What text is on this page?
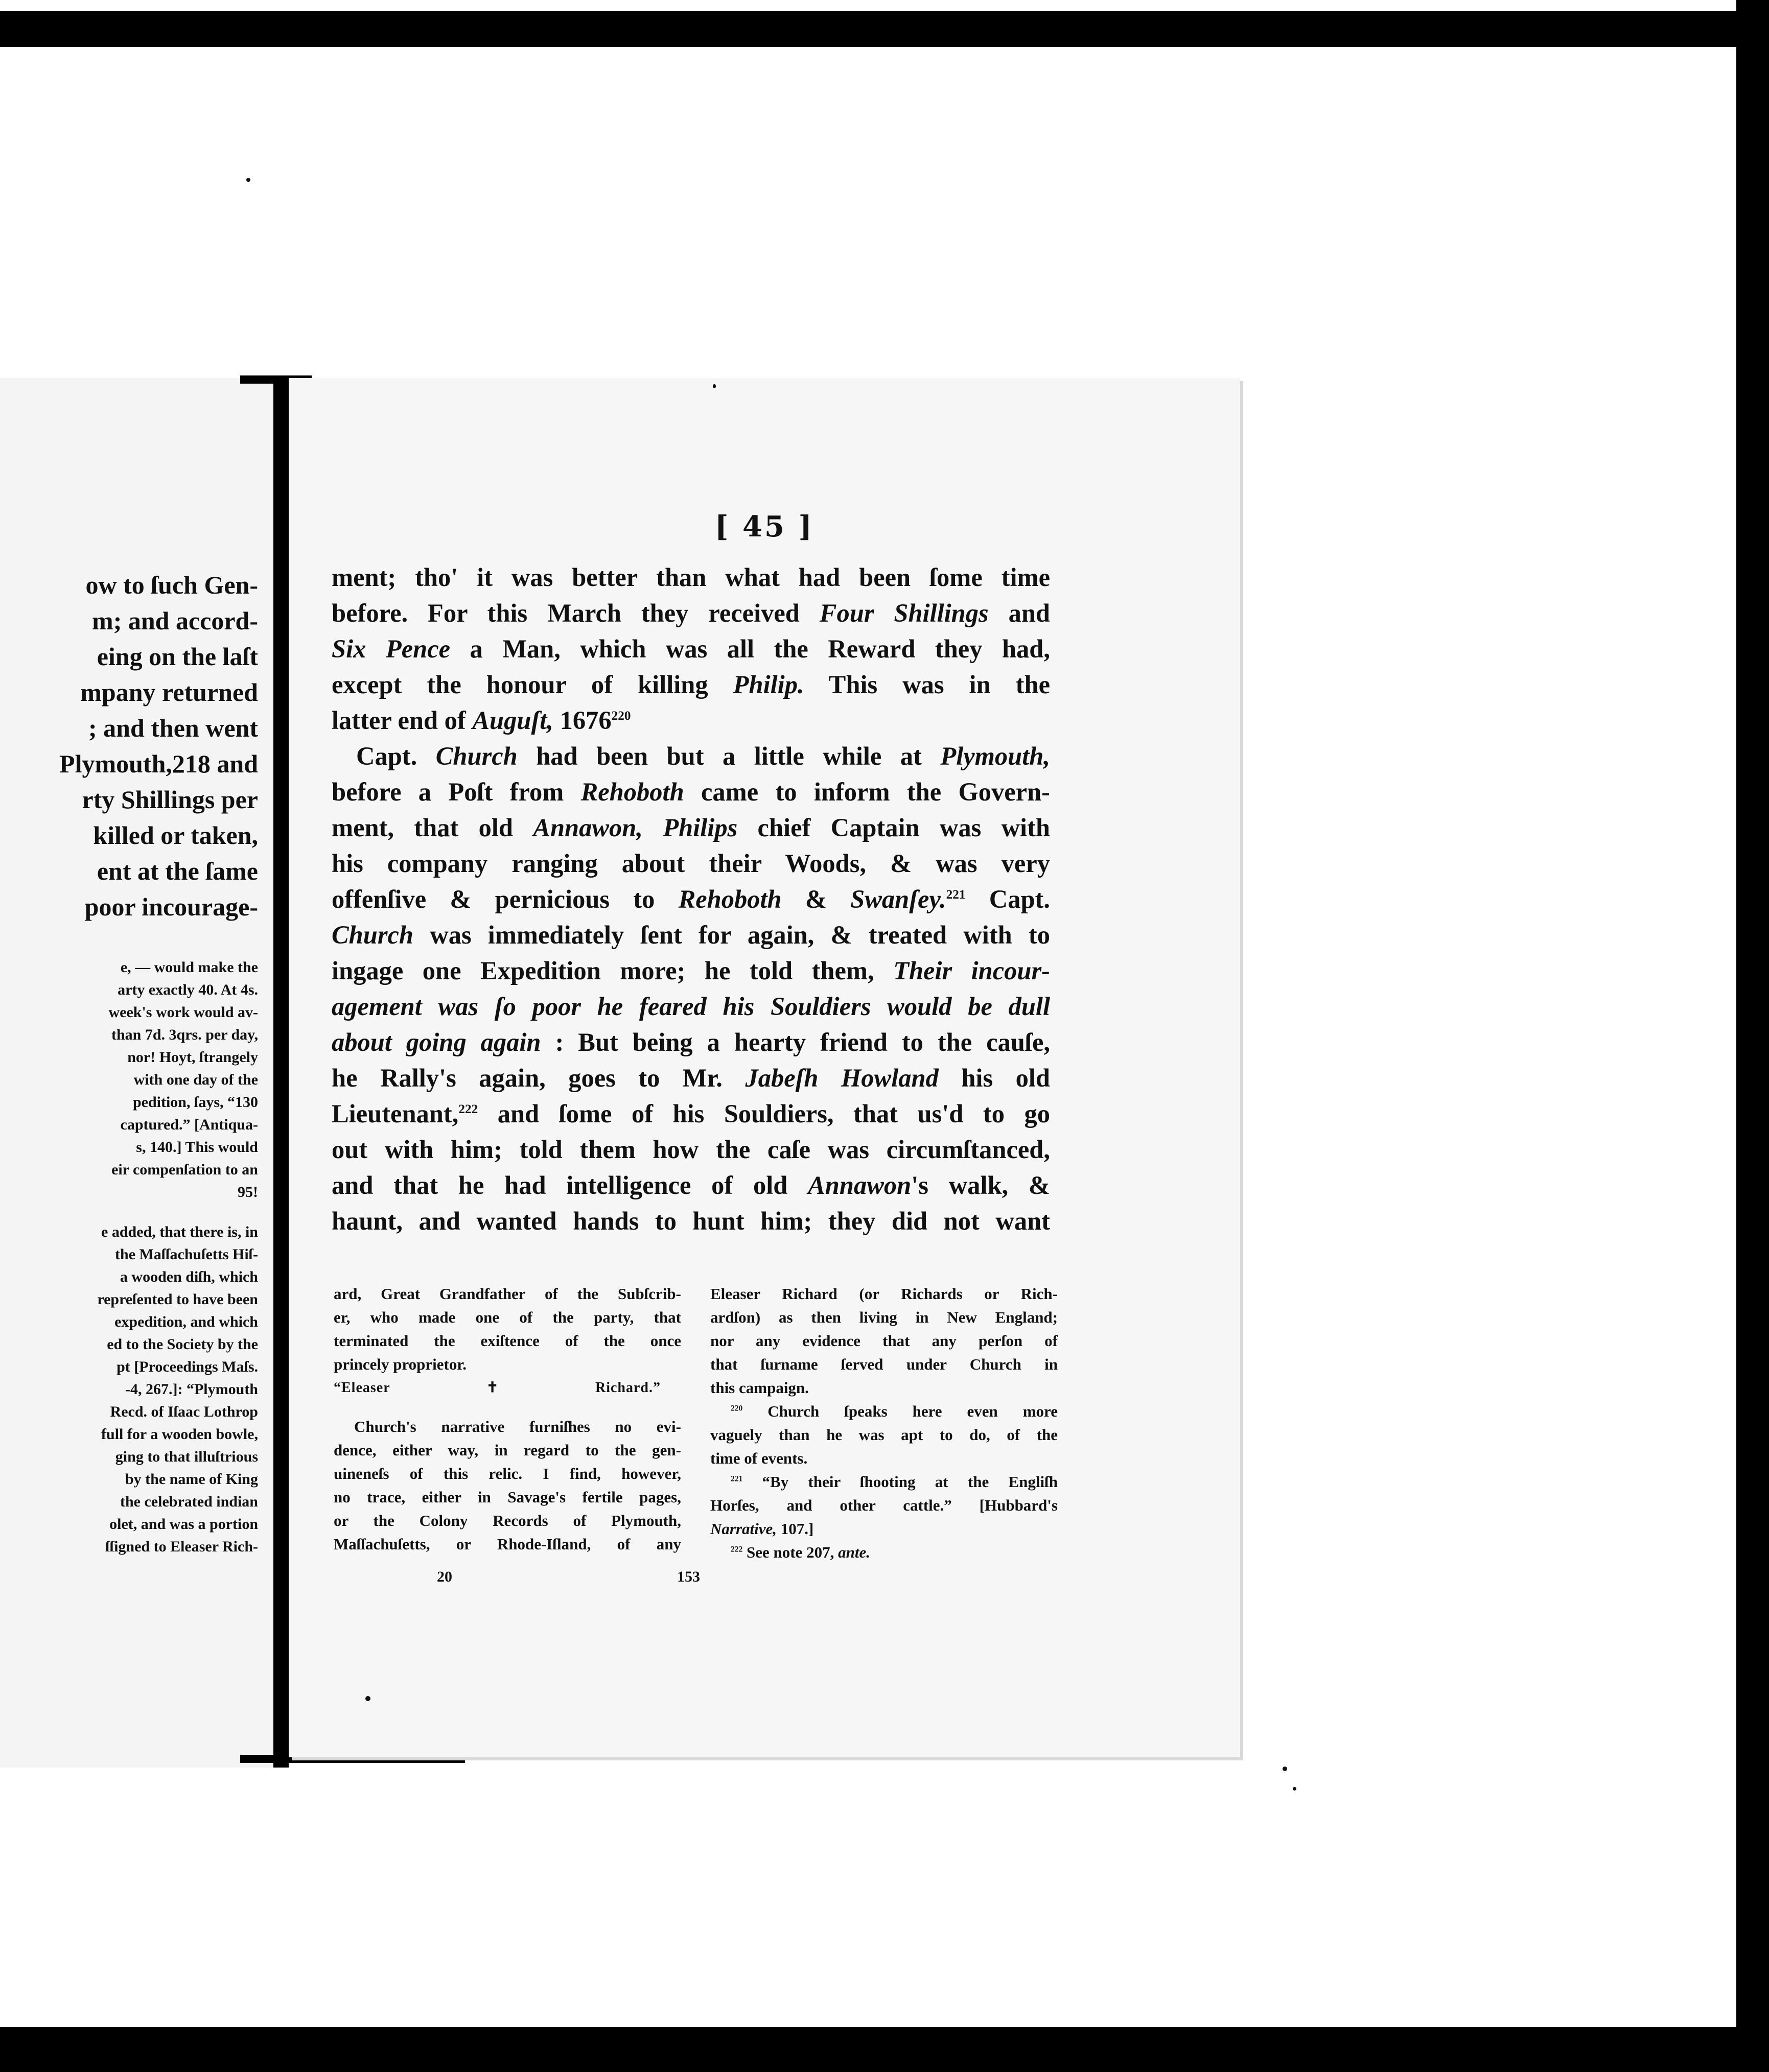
ow to ſuch Gen-
m; and accord-
eing on the laſt
mpany returned
; and then went
Plymouth,218 and
rty Shillings per
killed or taken,
ent at the ſame
poor incourage-
e, — would make the
arty exactly 40. At 4s.
week's work would av-
than 7d. 3qrs. per day,
nor! Hoyt, ſtrangely
with one day of the
pedition, ſays, “130
captured.” [Antiqua-
s, 140.] This would
eir compenſation to an
95!
e added, that there is, in
the Maſſachuſetts Hiſ-
a wooden diſh, which
repreſented to have been
expedition, and which
ed to the Society by the
pt [Proceedings Maſs.
-4, 267.]: “Plymouth
Recd. of Iſaac Lothrop
full for a wooden bowle,
ging to that illuſtrious
by the name of King
the celebrated indian
olet, and was a portion
ſſigned to Eleaser Rich-
[ 45 ]
ment; tho' it was better than what had been ſome time
before. For this March they received Four Shillings and
Six Pence a Man, which was all the Reward they had,
except the honour of killing Philip. This was in the
latter end of Auguſt, 1676$^{220}$
Capt. Church had been but a little while at Plymouth,
before a Poſt from Rehoboth came to inform the Govern-
ment, that old Annawon, Philips chief Captain was with
his company ranging about their Woods, & was very
offenſive & pernicious to Rehoboth & Swanſey.$^{221}$ Capt.
Church was immediately ſent for again, & treated with to
ingage one Expedition more; he told them, Their incour-
agement was ſo poor he feared his Souldiers would be dull
about going again : But being a hearty friend to the cauſe,
he Rally's again, goes to Mr. Jabeſh Howland his old
Lieutenant,$^{222}$ and ſome of his Souldiers, that us'd to go
out with him; told them how the caſe was circumſtanced,
and that he had intelligence of old Annawon's walk, &
haunt, and wanted hands to hunt him; they did not want
ard, Great Grandfather of the Subſcrib-
er, who made one of the party, that
terminated the exiſtence of the once
princely proprietor.
“Eleaser ✝ Richard.”
Church's narrative furniſhes no evi-
dence, either way, in regard to the gen-
uineneſs of this relic. I find, however,
no trace, either in Savage's fertile pages,
or the Colony Records of Plymouth,
Maſſachuſetts, or Rhode-Iſland, of any
Eleaser Richard (or Richards or Rich-
ardſon) as then living in New England;
nor any evidence that any perſon of
that ſurname ſerved under Church in
this campaign.
$^{220}$ Church ſpeaks here even more
vaguely than he was apt to do, of the
time of events.
$^{221}$ “By their ſhooting at the Engliſh
Horſes, and other cattle.” [Hubbard's
Narrative, 107.]
$^{222}$ See note 207, ante.
20	153
